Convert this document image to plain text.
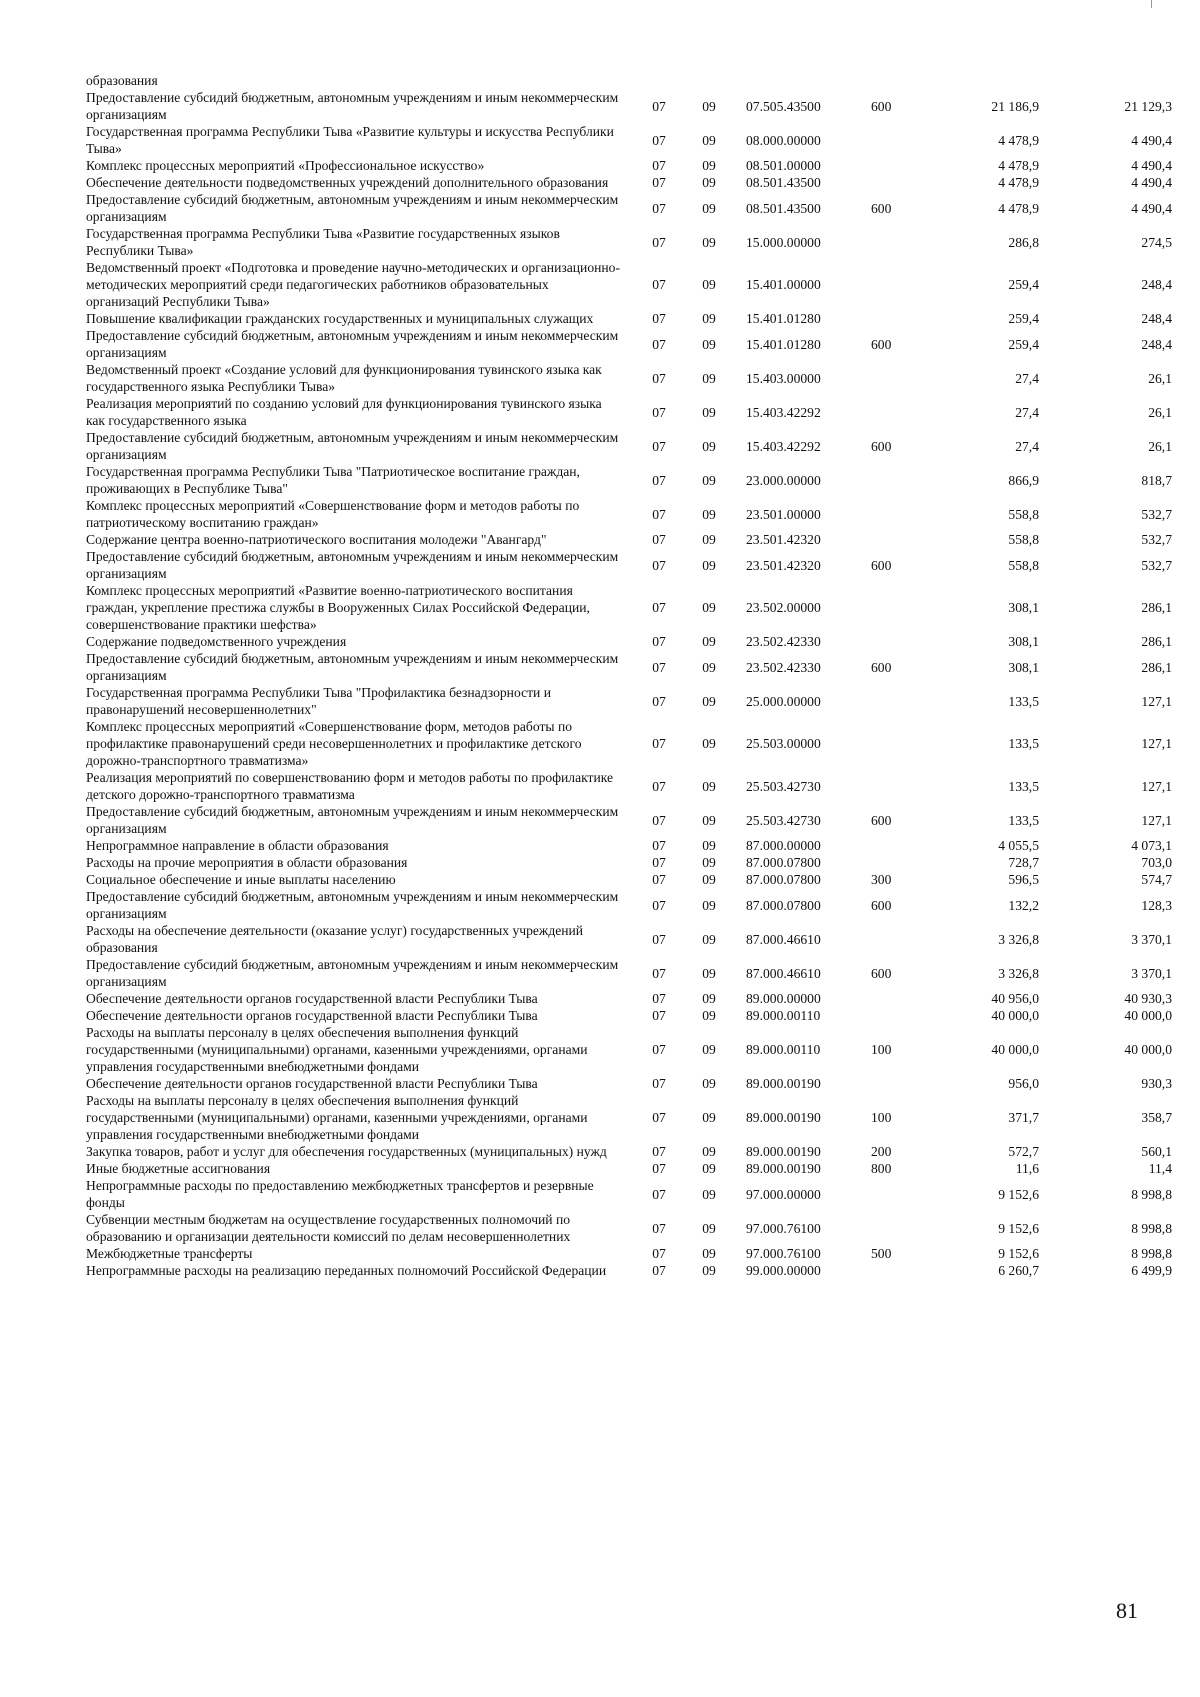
образования						
Предоставление субсидий бюджетным, автономным учреждениям и иным некоммерческим организациям	07	09	07.505.43500	600	21 186,9	21 129,3
Государственная программа Республики Тыва «Развитие культуры и искусства Республики Тыва»	07	09	08.000.00000		4 478,9	4 490,4
Комплекс процессных мероприятий «Профессиональное искусство»	07	09	08.501.00000		4 478,9	4 490,4
Обеспечение деятельности подведомственных учреждений дополнительного образования	07	09	08.501.43500		4 478,9	4 490,4
Предоставление субсидий бюджетным, автономным учреждениям и иным некоммерческим организациям	07	09	08.501.43500	600	4 478,9	4 490,4
Государственная программа Республики Тыва «Развитие государственных языков Республики Тыва»	07	09	15.000.00000		286,8	274,5
Ведомственный проект «Подготовка и проведение научно-методических и организационно-методических мероприятий среди педагогических работников образовательных организаций Республики Тыва»	07	09	15.401.00000		259,4	248,4
Повышение квалификации гражданских государственных и муниципальных служащих	07	09	15.401.01280		259,4	248,4
Предоставление субсидий бюджетным, автономным учреждениям и иным некоммерческим организациям	07	09	15.401.01280	600	259,4	248,4
Ведомственный проект «Создание условий для функционирования тувинского языка как государственного языка Республики Тыва»	07	09	15.403.00000		27,4	26,1
Реализация мероприятий по созданию условий для функционирования тувинского языка как государственного языка	07	09	15.403.42292		27,4	26,1
Предоставление субсидий бюджетным, автономным учреждениям и иным некоммерческим организациям	07	09	15.403.42292	600	27,4	26,1
Государственная программа Республики Тыва "Патриотическое воспитание граждан, проживающих в Республике Тыва"	07	09	23.000.00000		866,9	818,7
Комплекс процессных мероприятий «Совершенствование форм и методов работы по патриотическому воспитанию граждан»	07	09	23.501.00000		558,8	532,7
Содержание центра военно-патриотического воспитания молодежи "Авангард"	07	09	23.501.42320		558,8	532,7
Предоставление субсидий бюджетным, автономным учреждениям и иным некоммерческим организациям	07	09	23.501.42320	600	558,8	532,7
Комплекс процессных мероприятий «Развитие военно-патриотического воспитания граждан, укрепление престижа службы в Вооруженных Силах Российской Федерации, совершенствование практики шефства»	07	09	23.502.00000		308,1	286,1
Содержание подведомственного учреждения	07	09	23.502.42330		308,1	286,1
Предоставление субсидий бюджетным, автономным учреждениям и иным некоммерческим организациям	07	09	23.502.42330	600	308,1	286,1
Государственная программа Республики Тыва "Профилактика безнадзорности и правонарушений несовершеннолетних"	07	09	25.000.00000		133,5	127,1
Комплекс процессных мероприятий «Совершенствование форм, методов работы по профилактике правонарушений среди несовершеннолетних и профилактике детского дорожно-транспортного травматизма»	07	09	25.503.00000		133,5	127,1
Реализация мероприятий по совершенствованию форм и методов работы по профилактике детского дорожно-транспортного травматизма	07	09	25.503.42730		133,5	127,1
Предоставление субсидий бюджетным, автономным учреждениям и иным некоммерческим организациям	07	09	25.503.42730	600	133,5	127,1
Непрограммное направление в области образования	07	09	87.000.00000		4 055,5	4 073,1
Расходы на прочие мероприятия в области образования	07	09	87.000.07800		728,7	703,0
Социальное обеспечение и иные выплаты населению	07	09	87.000.07800	300	596,5	574,7
Предоставление субсидий бюджетным, автономным учреждениям и иным некоммерческим организациям	07	09	87.000.07800	600	132,2	128,3
Расходы на обеспечение деятельности (оказание услуг) государственных учреждений образования	07	09	87.000.46610		3 326,8	3 370,1
Предоставление субсидий бюджетным, автономным учреждениям и иным некоммерческим организациям	07	09	87.000.46610	600	3 326,8	3 370,1
Обеспечение деятельности органов государственной власти Республики Тыва	07	09	89.000.00000		40 956,0	40 930,3
Обеспечение деятельности органов государственной власти Республики Тыва	07	09	89.000.00110		40 000,0	40 000,0
Расходы на выплаты персоналу в целях обеспечения выполнения функций государственными (муниципальными) органами, казенными учреждениями, органами управления государственными внебюджетными фондами	07	09	89.000.00110	100	40 000,0	40 000,0
Обеспечение деятельности органов государственной власти Республики Тыва	07	09	89.000.00190		956,0	930,3
Расходы на выплаты персоналу в целях обеспечения выполнения функций государственными (муниципальными) органами, казенными учреждениями, органами управления государственными внебюджетными фондами	07	09	89.000.00190	100	371,7	358,7
Закупка товаров, работ и услуг для обеспечения государственных (муниципальных) нужд	07	09	89.000.00190	200	572,7	560,1
Иные бюджетные ассигнования	07	09	89.000.00190	800	11,6	11,4
Непрограммные расходы по предоставлению межбюджетных трансфертов и резервные фонды	07	09	97.000.00000		9 152,6	8 998,8
Субвенции местным бюджетам на осуществление государственных полномочий по образованию и организации деятельности комиссий по делам несовершеннолетних	07	09	97.000.76100		9 152,6	8 998,8
Межбюджетные трансферты	07	09	97.000.76100	500	9 152,6	8 998,8
Непрограммные расходы на реализацию переданных полномочий Российской Федерации	07	09	99.000.00000		6 260,7	6 499,9
81
